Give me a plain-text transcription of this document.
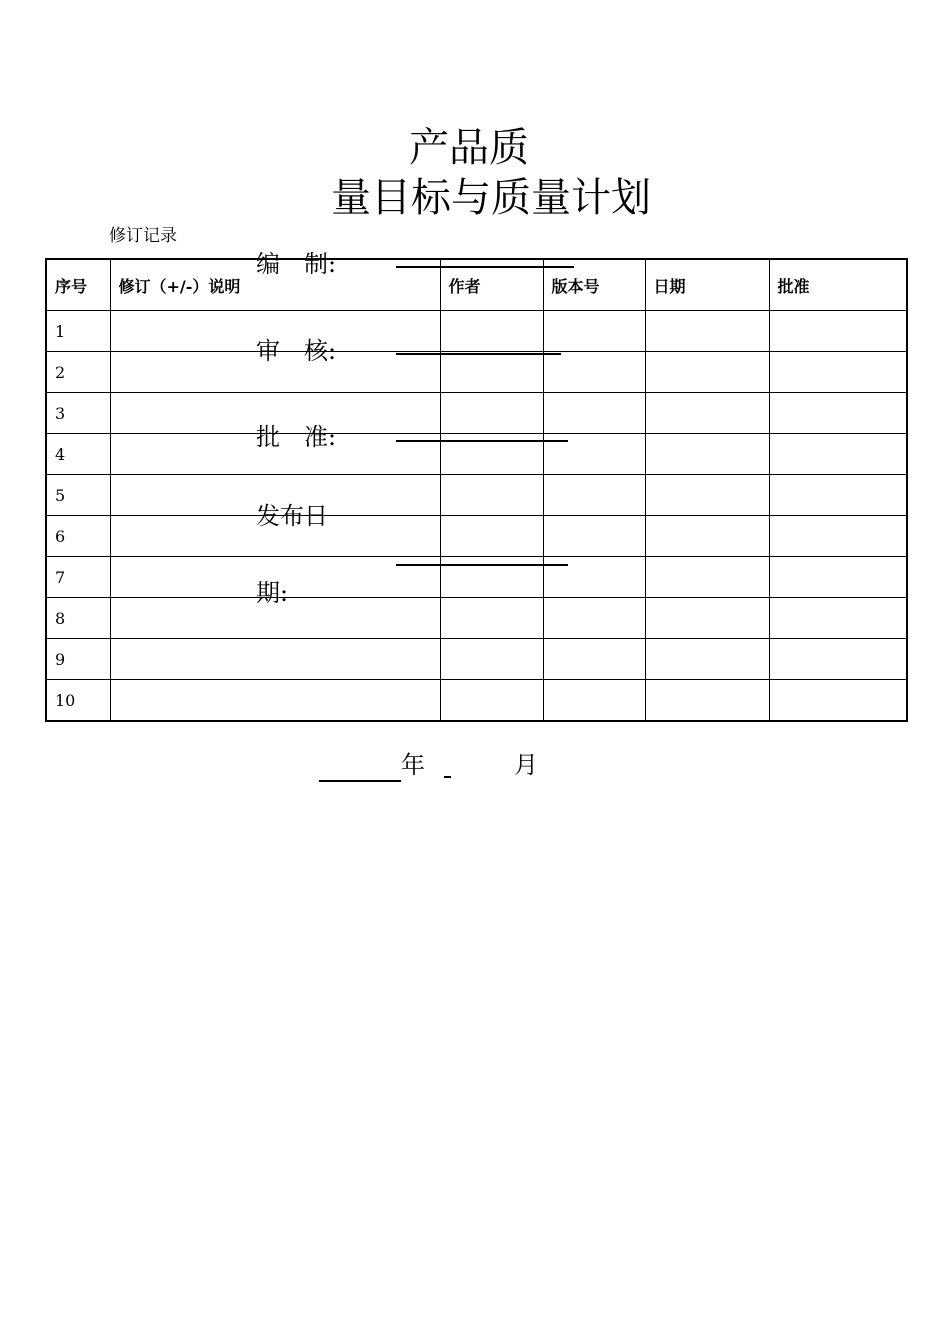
产品质
量目标与质量计划
修订记录
序号	修订（+/-）说明	作者	版本号	日期	批准
1					
2					
3					
4					
5					
6					
7					
8					
9					
10					
编　制:
审　核:
批　准:
发布日
期:
年	月
